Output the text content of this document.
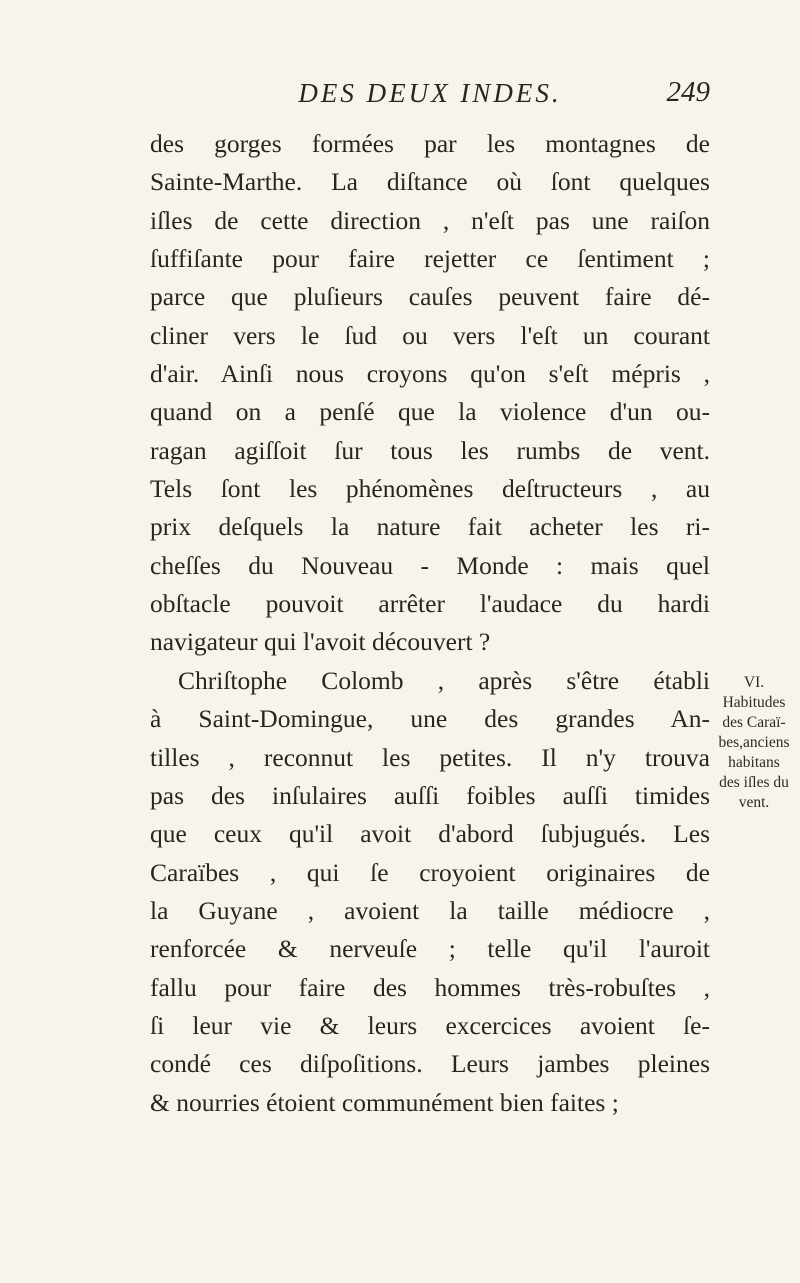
DES DEUX INDES.	249
des gorges formées par les montagnes de
Sainte-Marthe. La diſtance où ſont quelques
iſles de cette direction , n'eſt pas une raiſon
ſuffiſante pour faire rejetter ce ſentiment ;
parce que pluſieurs cauſes peuvent faire dé-
cliner vers le ſud ou vers l'eſt un courant
d'air. Ainſi nous croyons qu'on s'eſt mépris ,
quand on a penſé que la violence d'un ou-
ragan agiſſoit ſur tous les rumbs de vent.
Tels ſont les phénomènes deſtructeurs , au
prix deſquels la nature fait acheter les ri-
cheſſes du Nouveau - Monde : mais quel
obſtacle pouvoit arrêter l'audace du hardi
navigateur qui l'avoit découvert ?
Chriſtophe Colomb , après s'être établi
à Saint-Domingue, une des grandes An-
tilles , reconnut les petites. Il n'y trouva
pas des inſulaires auſſi foibles auſſi timides
que ceux qu'il avoit d'abord ſubjugués. Les
Caraïbes , qui ſe croyoient originaires de
la Guyane , avoient la taille médiocre ,
renforcée & nerveuſe ; telle qu'il l'auroit
fallu pour faire des hommes très-robuſtes ,
ſi leur vie & leurs excercices avoient ſe-
condé ces diſpoſitions. Leurs jambes pleines
& nourries étoient communément bien faites ;
VI.
Habitudes
des Caraï-
bes,anciens
habitans
des iſles du
vent.
